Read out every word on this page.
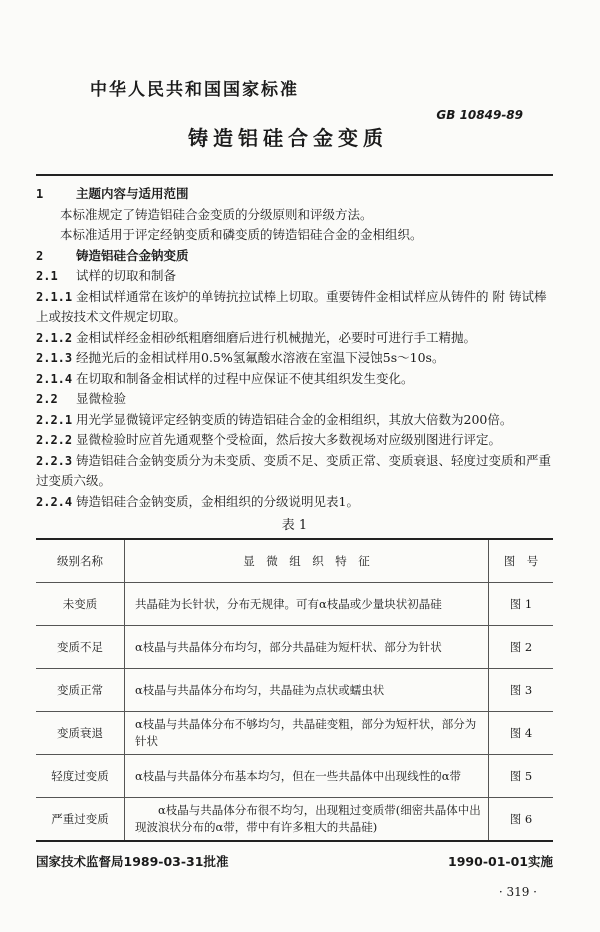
中华人民共和国国家标准
GB 10849-89
铸造铝硅合金变质

1	主题内容与适用范围

本标准规定了铸造铝硅合金变质的分级原则和评级方法。

本标准适用于评定经钠变质和磷变质的铸造铝硅合金的金相组织。

2	铸造铝硅合金钠变质

2.1 试样的切取和制备

2.1.1 金相试样通常在该炉的单铸抗拉试棒上切取。重要铸件金相试样应从铸件的 附 铸试棒上或按技术文件规定切取。

2.1.2 金相试样经金相砂纸粗磨细磨后进行机械抛光，必要时可进行手工精抛。

2.1.3 经抛光后的金相试样用0.5%氢氟酸水溶液在室温下浸蚀5s～10s。

2.1.4 在切取和制备金相试样的过程中应保证不使其组织发生变化。

2.2 显微检验

2.2.1 用光学显微镜评定经钠变质的铸造铝硅合金的金相组织，其放大倍数为200倍。

2.2.2 显微检验时应首先通观整个受检面，然后按大多数视场对应级别图进行评定。

2.2.3 铸造铝硅合金钠变质分为未变质、变质不足、变质正常、变质衰退、轻度过变质和严重过变质六级。

2.2.4 铸造铝硅合金钠变质，金相组织的分级说明见表1。

表 1
级别名称	显　微　组　织　特　征	图　号
未变质	共晶硅为长针状，分布无规律。可有α枝晶或少量块状初晶硅	图 1
变质不足	α枝晶与共晶体分布均匀，部分共晶硅为短杆状、部分为针状	图 2
变质正常	α枝晶与共晶体分布均匀，共晶硅为点状或蠕虫状	图 3
变质衰退	α枝晶与共晶体分布不够均匀，共晶硅变粗，部分为短杆状，部分为针状	图 4
轻度过变质	α枝晶与共晶体分布基本均匀，但在一些共晶体中出现线性的α带	图 5
严重过变质	　　α枝晶与共晶体分布很不均匀，出现粗过变质带(细密共晶体中出现波浪状分布的α带，带中有许多粗大的共晶硅)	图 6
国家技术监督局1989-03-31批准	1990-01-01实施
· 319 ·
